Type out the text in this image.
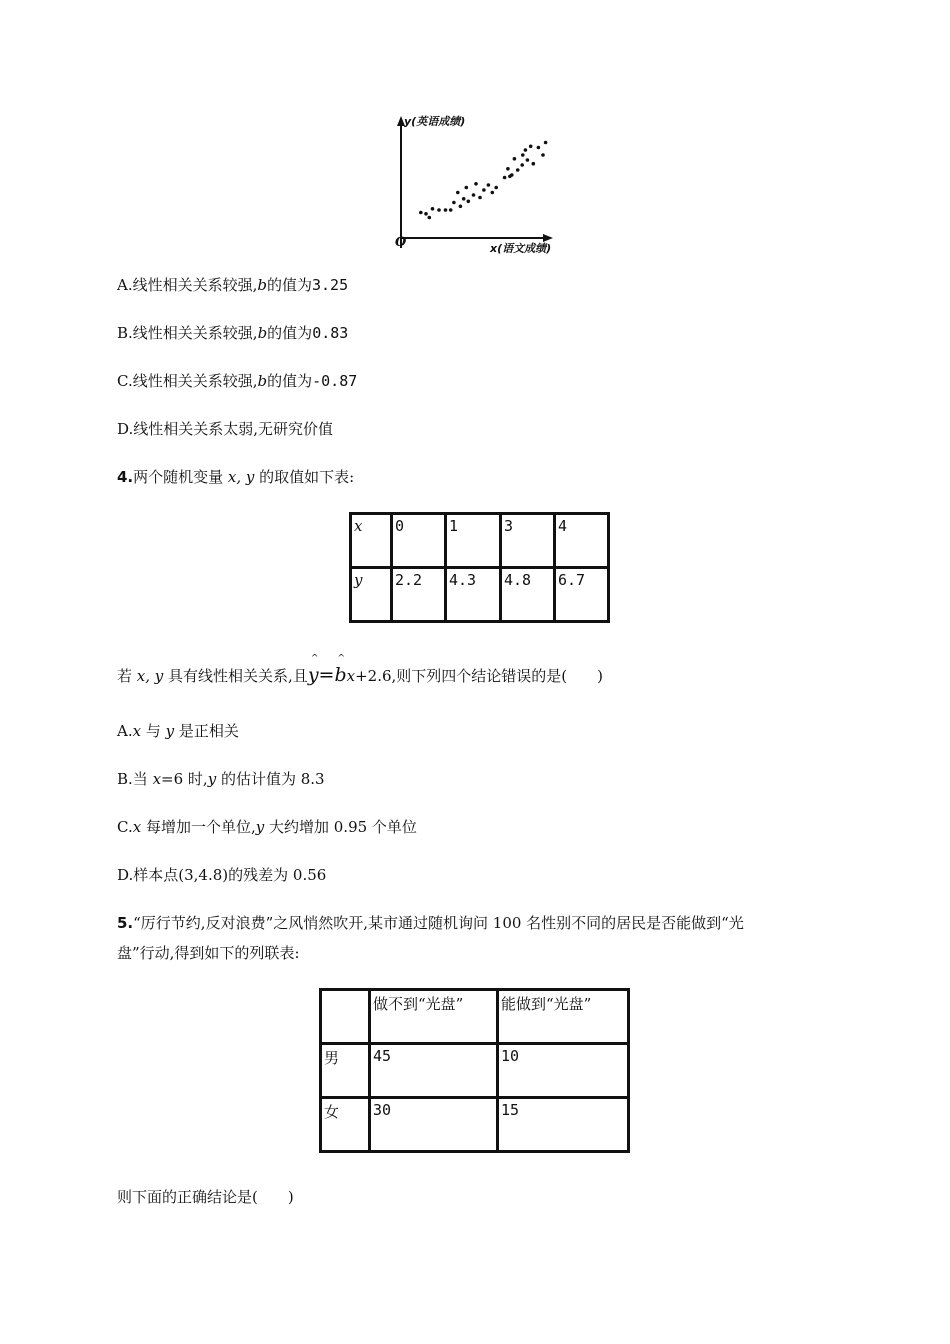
y(英语成绩)
x(语文成绩)
O
A.线性相关关系较强,b的值为3.25
B.线性相关关系较强,b的值为0.83
C.线性相关关系较强,b的值为-0.87
D.线性相关关系太弱,无研究价值
4.两个随机变量 x, y 的取值如下表:
x	0	1	3	4
y	2.2	4.3	4.8	6.7
若 x, y 具有线性相关关系,且
^
y=
^
bx+2.6,则下列四个结论错误的是(　　)
A.x 与 y 是正相关
B.当 x=6 时,y 的估计值为 8.3
C.x 每增加一个单位,y 大约增加 0.95 个单位
D.样本点(3,4.8)的残差为 0.56
5.“厉行节约,反对浪费”之风悄然吹开,某市通过随机询问 100 名性别不同的居民是否能做到“光
盘”行动,得到如下的列联表:
	做不到“光盘”	能做到“光盘”
男	45	10
女	30	15
则下面的正确结论是(　　)
